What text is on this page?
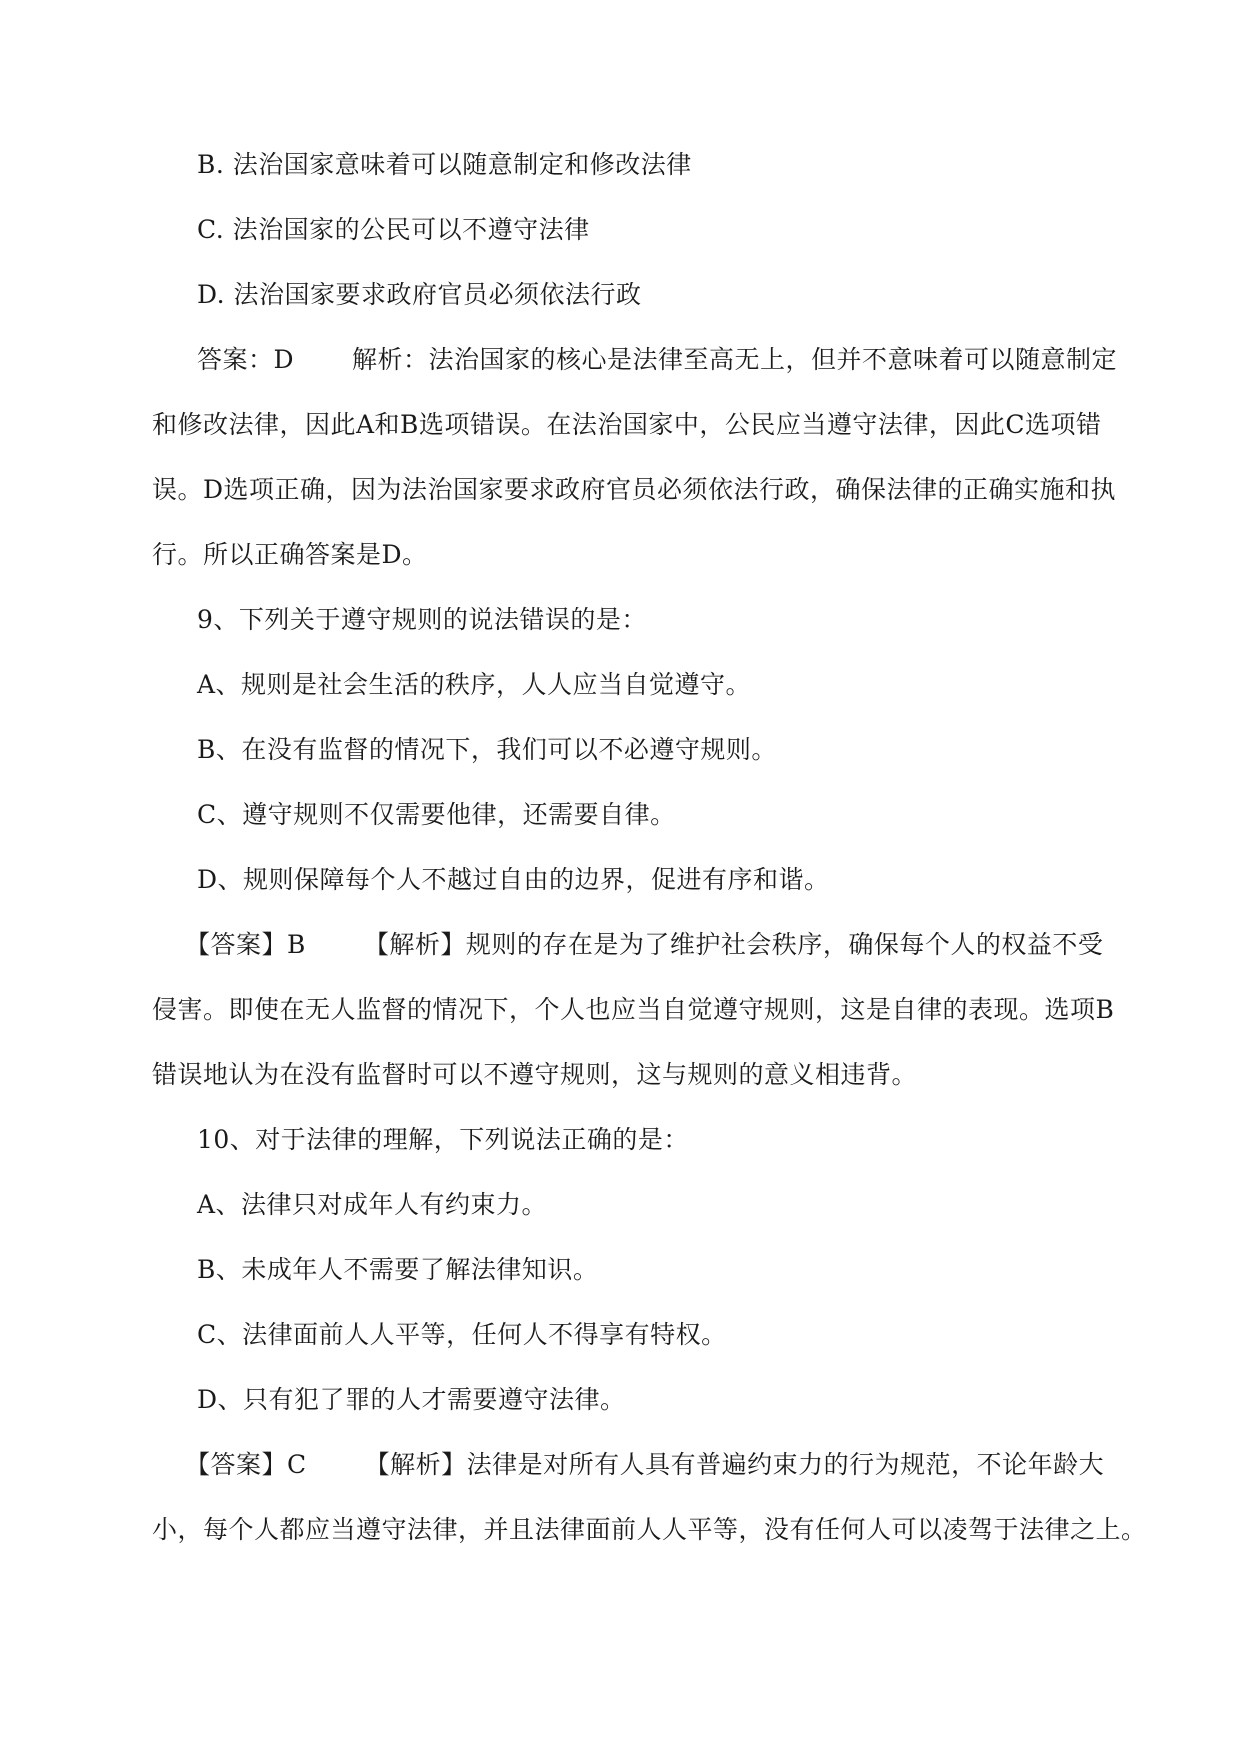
B. 法治国家意味着可以随意制定和修改法律
C. 法治国家的公民可以不遵守法律
D. 法治国家要求政府官员必须依法行政
答案：D 解析：法治国家的核心是法律至高无上，但并不意味着可以随意制定
和修改法律，因此A和B选项错误。在法治国家中，公民应当遵守法律，因此C选项错
误。D选项正确，因为法治国家要求政府官员必须依法行政，确保法律的正确实施和执
行。所以正确答案是D。
9、下列关于遵守规则的说法错误的是：
A、规则是社会生活的秩序，人人应当自觉遵守。
B、在没有监督的情况下，我们可以不必遵守规则。
C、遵守规则不仅需要他律，还需要自律。
D、规则保障每个人不越过自由的边界，促进有序和谐。
【答案】B 【解析】规则的存在是为了维护社会秩序，确保每个人的权益不受
侵害。即使在无人监督的情况下，个人也应当自觉遵守规则，这是自律的表现。选项B
错误地认为在没有监督时可以不遵守规则，这与规则的意义相违背。
10、对于法律的理解，下列说法正确的是：
A、法律只对成年人有约束力。
B、未成年人不需要了解法律知识。
C、法律面前人人平等，任何人不得享有特权。
D、只有犯了罪的人才需要遵守法律。
【答案】C 【解析】法律是对所有人具有普遍约束力的行为规范，不论年龄大
小，每个人都应当遵守法律，并且法律面前人人平等，没有任何人可以凌驾于法律之上。
